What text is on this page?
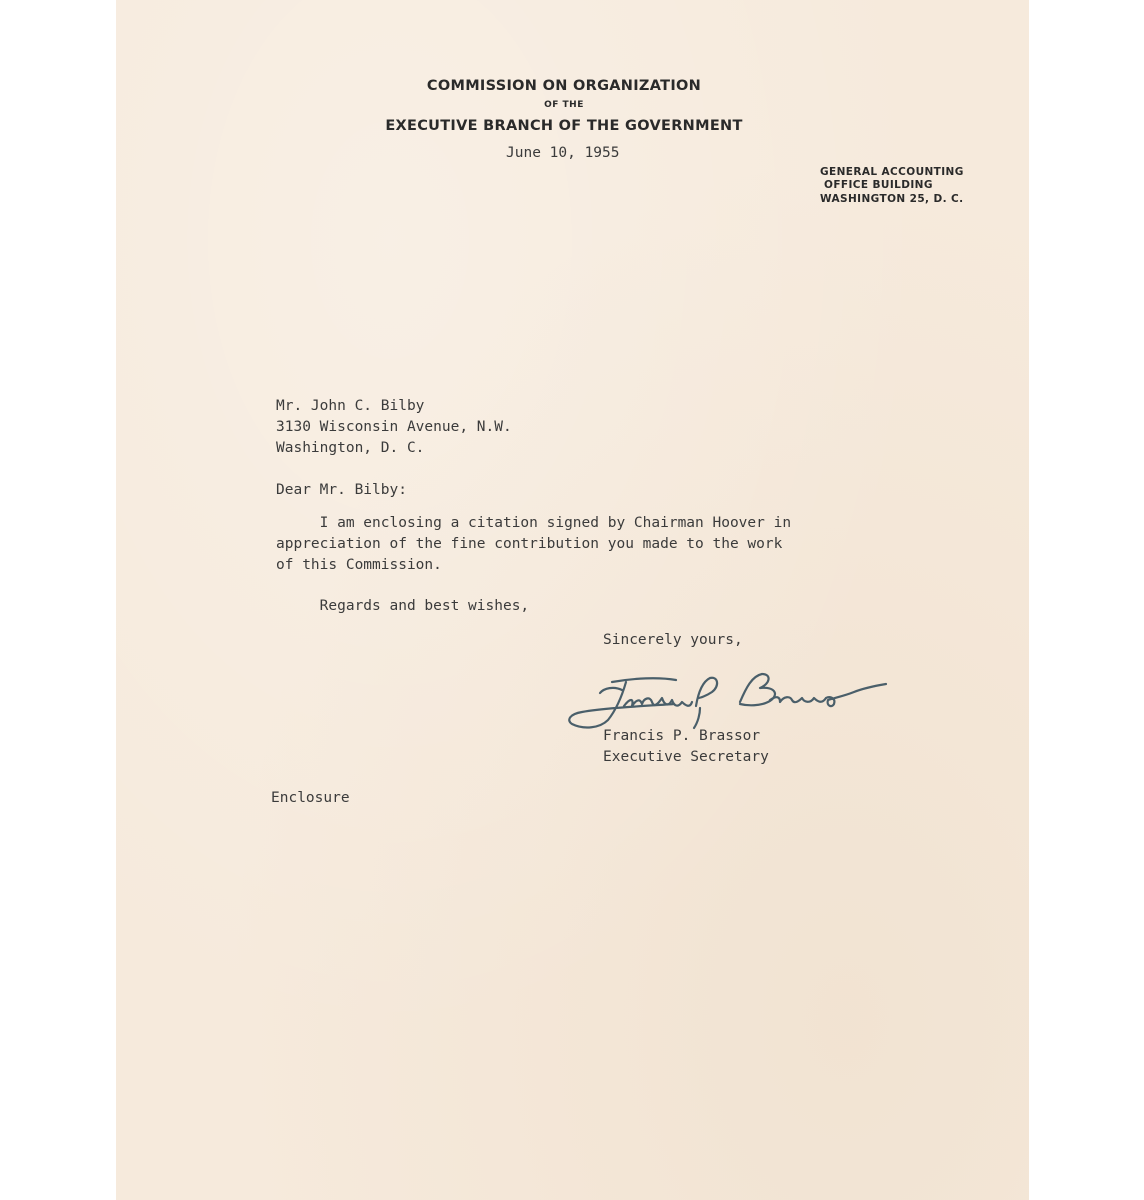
COMMISSION ON ORGANIZATION
OF THE
EXECUTIVE BRANCH OF THE GOVERNMENT
June 10, 1955
GENERAL ACCOUNTING
OFFICE BUILDING
WASHINGTON 25, D. C.
Mr. John C. Bilby
3130 Wisconsin Avenue, N.W.
Washington, D. C.
Dear Mr. Bilby:
I am enclosing a citation signed by Chairman Hoover in
appreciation of the fine contribution you made to the work
of this Commission.
Regards and best wishes,
Sincerely yours,
Francis P. Brassor
Executive Secretary
Enclosure
